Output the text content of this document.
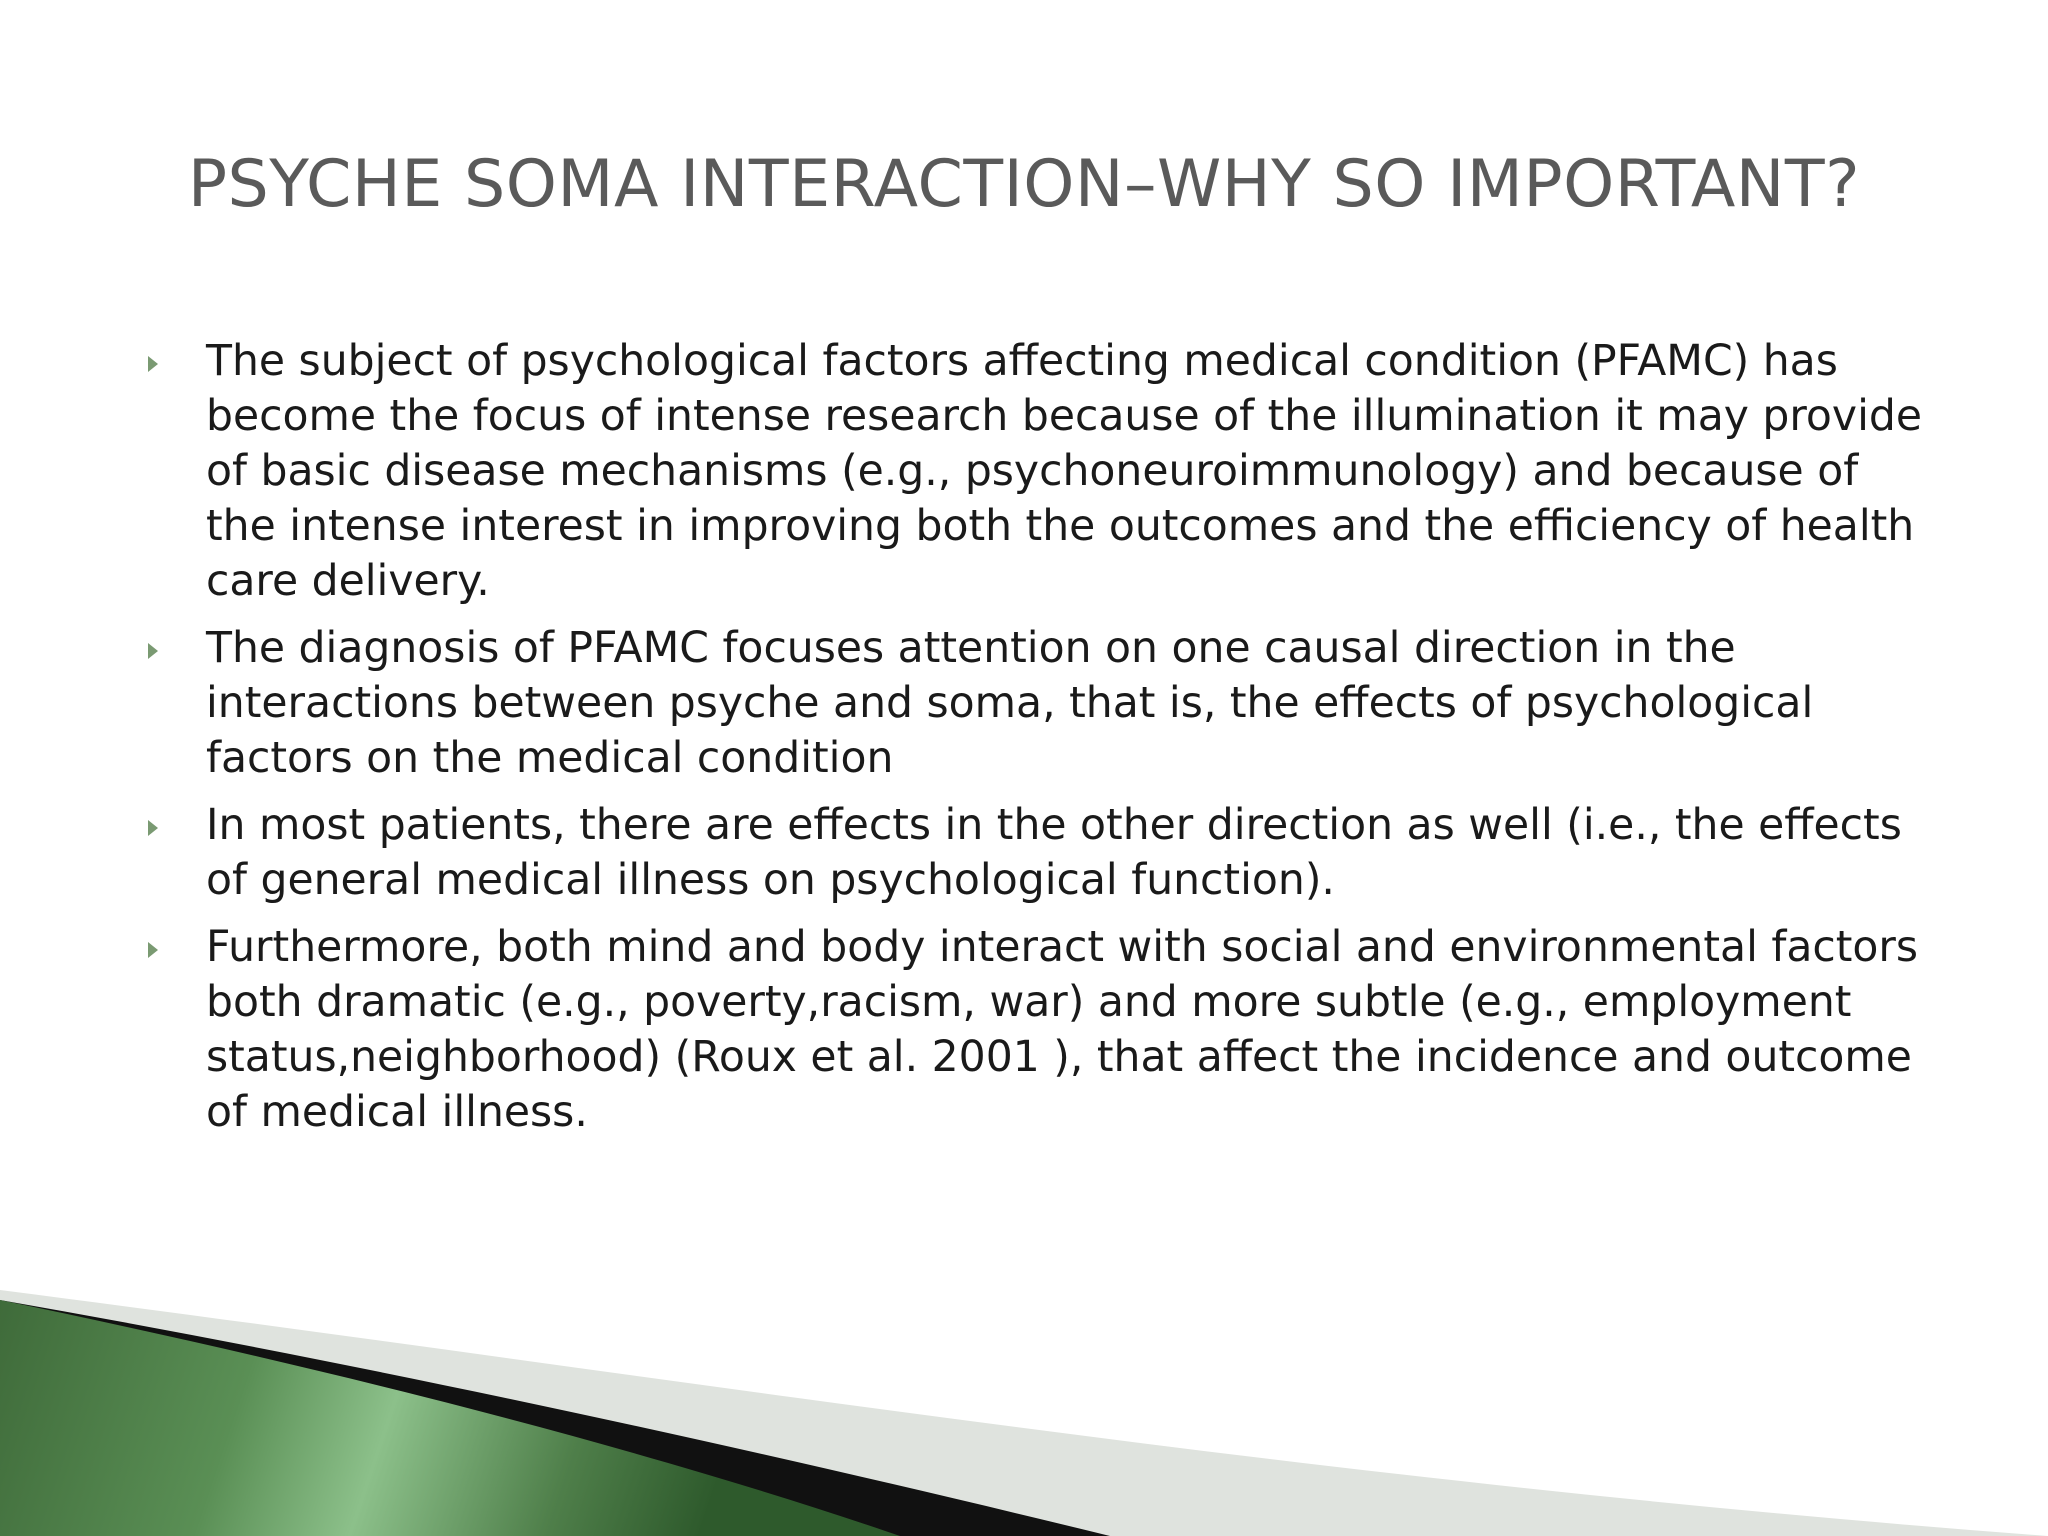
PSYCHE SOMA INTERACTION–WHY SO IMPORTANT?
The subject of psychological factors affecting medical condition (PFAMC) has become the focus of intense research because of the illumination it may provide of basic disease mechanisms (e.g., psychoneuroimmunology) and because of the intense interest in improving both the outcomes and the efficiency of health care delivery.
The diagnosis of PFAMC focuses attention on one causal direction in the interactions between psyche and soma, that is, the effects of psychological factors on the medical condition
In most patients, there are effects in the other direction as well (i.e., the effects of general medical illness on psychological function).
Furthermore, both mind and body interact with social and environmental factors both dramatic (e.g., poverty,racism, war) and more subtle (e.g., employment status,neighborhood) (Roux et al. 2001 ), that affect the incidence and outcome of medical illness.
